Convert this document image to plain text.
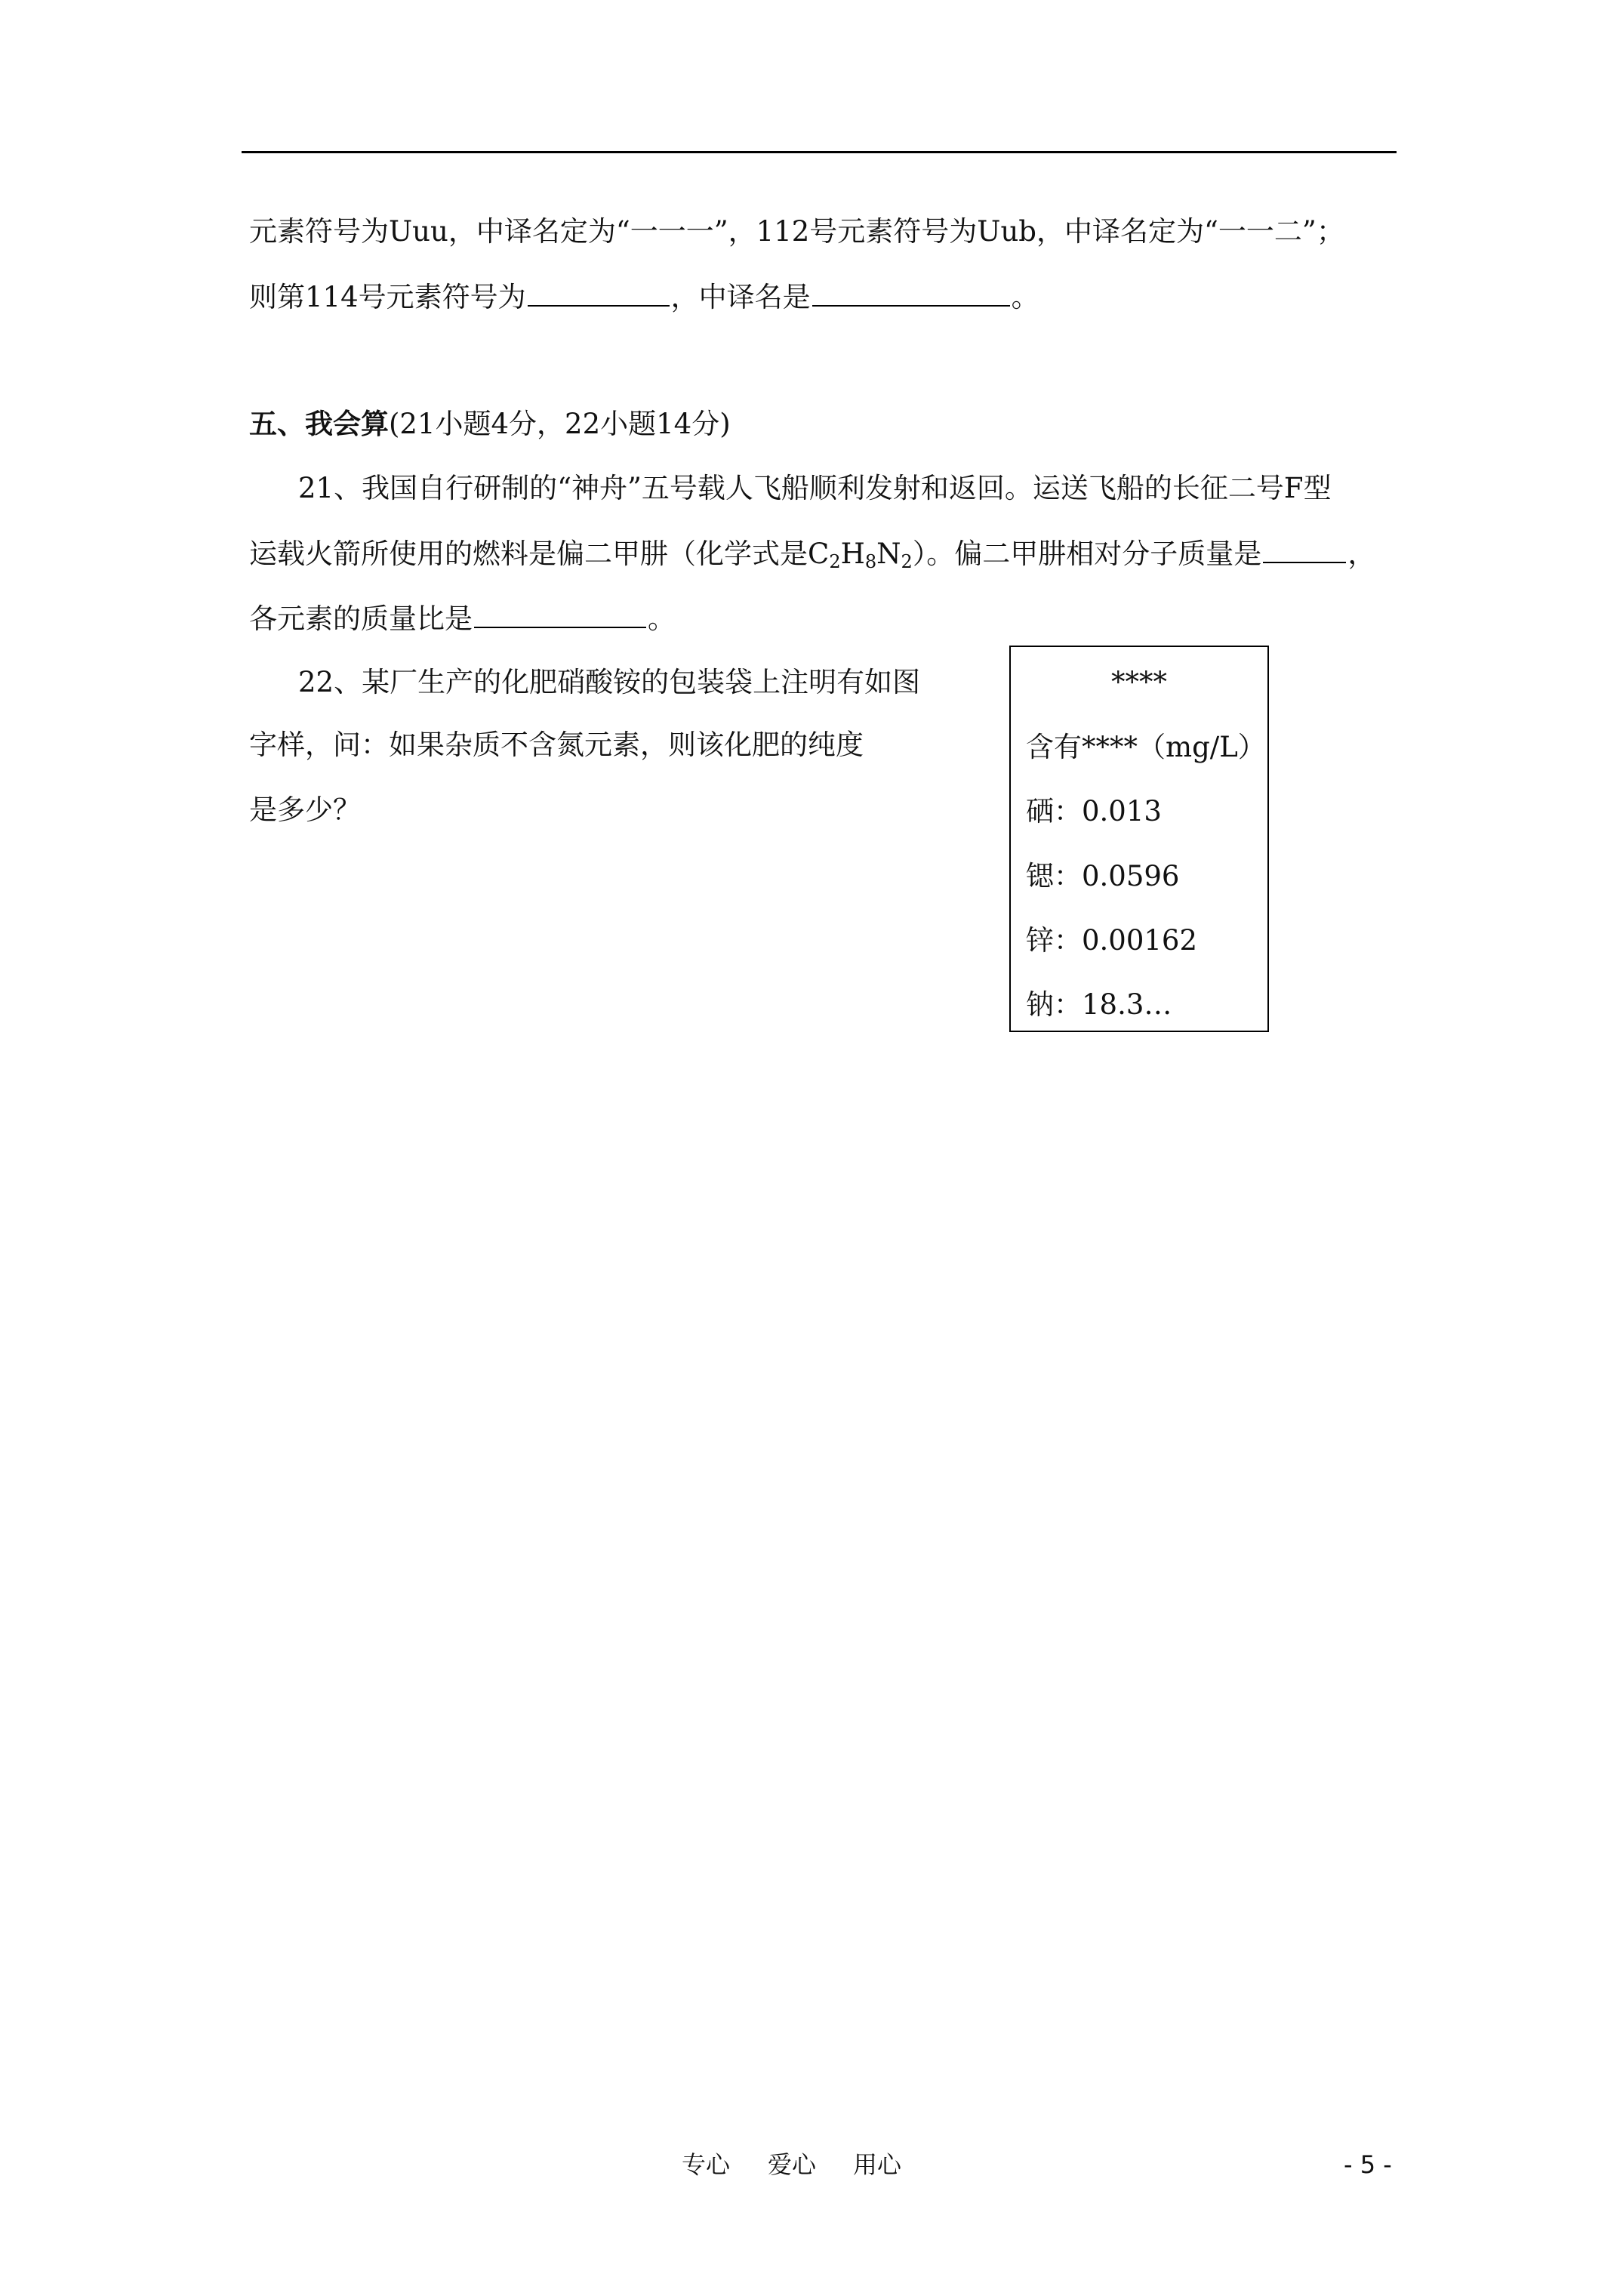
元素符号为Uuu，中译名定为“一一一”，112号元素符号为Uub，中译名定为“一一二”；
则第114号元素符号为	，中译名是	。
五、我会算(21小题4分，22小题14分)
21、我国自行研制的“神舟”五号载人飞船顺利发射和返回。运送飞船的长征二号F型
运载火箭所使用的燃料是偏二甲肼（化学式是$C_2H_8N_2$）。偏二甲肼相对分子质量是	，
各元素的质量比是	。
22、某厂生产的化肥硝酸铵的包装袋上注明有如图
字样，问：如果杂质不含氮元素，则该化肥的纯度
是多少？
****
含有****（mg/L）
硒：0.013
锶：0.0596
锌：0.00162
钠：18.3…
专心 爱心 用心	- 5 -
